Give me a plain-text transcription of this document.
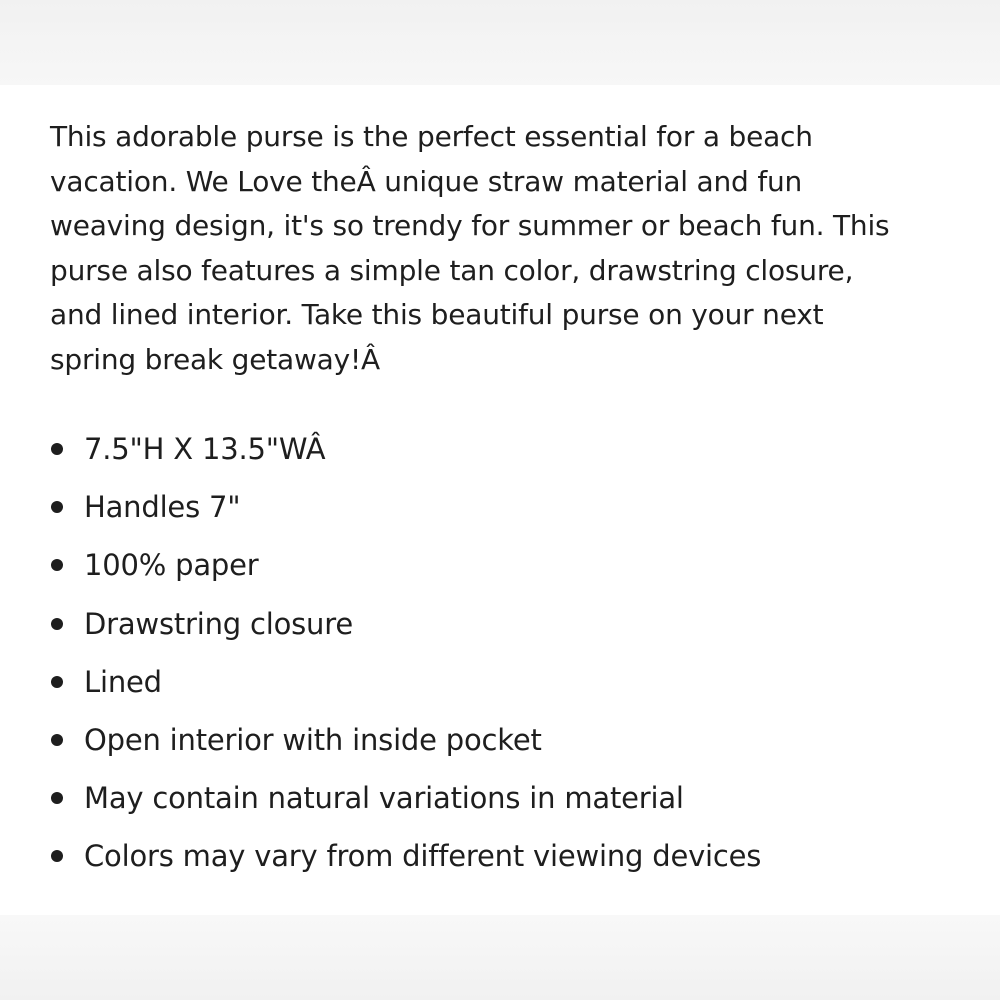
This adorable purse is the perfect essential for a beach
vacation. We Love theÂ unique straw material and fun
weaving design, it's so trendy for summer or beach fun. This
purse also features a simple tan color, drawstring closure,
and lined interior. Take this beautiful purse on your next
spring break getaway!Â

7.5"H X 13.5"WÂ
Handles 7"
100% paper
Drawstring closure
Lined
Open interior with inside pocket
May contain natural variations in material
Colors may vary from different viewing devices
